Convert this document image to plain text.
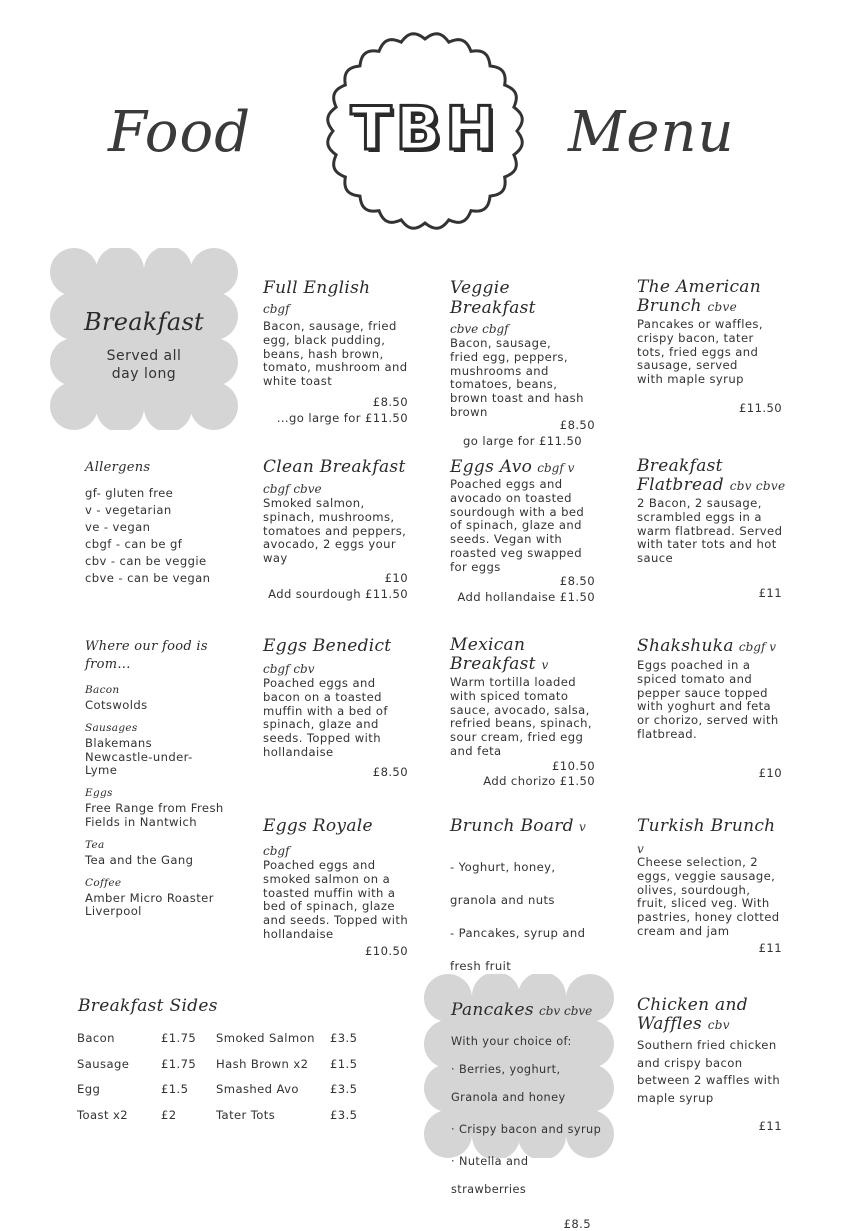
Food	TBH	Menu
Breakfast
Served all
day long
Full English
cbgf
Bacon, sausage, fried
egg, black pudding,
beans, hash brown,
tomato, mushroom and
white toast
£8.50
...go large for £11.50
Veggie Breakfast
cbve cbgf
Bacon, sausage,
fried egg, peppers,
mushrooms and
tomatoes, beans,
brown toast and hash
brown
£8.50
go large for £11.50
The American
Brunch cbve
Pancakes or waffles,
crispy bacon, tater
tots, fried eggs and
sausage, served
with maple syrup
£11.50
Allergens
gf- gluten free
v - vegetarian
ve - vegan
cbgf - can be gf
cbv - can be veggie
cbve - can be vegan
Clean Breakfast
cbgf cbve
Smoked salmon,
spinach, mushrooms,
tomatoes and peppers,
avocado, 2 eggs your
way
£10
Add sourdough £11.50
Eggs Avo cbgf v
Poached eggs and
avocado on toasted
sourdough with a bed
of spinach, glaze and
seeds. Vegan with
roasted veg swapped
for eggs
£8.50
Add hollandaise £1.50
Breakfast
Flatbread cbv cbve
2 Bacon, 2 sausage,
scrambled eggs in a
warm flatbread. Served
with tater tots and hot
sauce
£11
Where our food is
from...
Bacon
Cotswolds
Sausages
Blakemans
Newcastle-under-
Lyme
Eggs
Free Range from Fresh
Fields in Nantwich
Tea
Tea and the Gang
Coffee
Amber Micro Roaster
Liverpool
Eggs Benedict
cbgf cbv
Poached eggs and
bacon on a toasted
muffin with a bed of
spinach, glaze and
seeds. Topped with
hollandaise
£8.50
Mexican
Breakfast v
Warm tortilla loaded
with spiced tomato
sauce, avocado, salsa,
refried beans, spinach,
sour cream, fried egg
and feta
£10.50
Add chorizo £1.50
Shakshuka cbgf v
Eggs poached in a
spiced tomato and
pepper sauce topped
with yoghurt and feta
or chorizo, served with
flatbread.
£10
Eggs Royale
cbgf
Poached eggs and
smoked salmon on a
toasted muffin with a
bed of spinach, glaze
and seeds. Topped with
hollandaise
£10.50
Brunch Board v

- Yoghurt, honey,

granola and nuts

- Pancakes, syrup and

fresh fruit

Turkish Brunch
v
Cheese selection, 2
eggs, veggie sausage,
olives, sourdough,
fruit, sliced veg. With
pastries, honey clotted
cream and jam
£11
Breakfast Sides
Bacon	£1.75
Sausage	£1.75
Egg	£1.5
Toast x2	£2
Smoked Salmon £3.5
Hash Brown x2 £1.5
Smashed Avo	£3.5
Tater Tots	£3.5
Pancakes cbv cbve

With your choice of:

· Berries, yoghurt,

Granola and honey

· Crispy bacon and syrup

· Nutella and

strawberries

£8.5
Chicken and
Waffles cbv
Southern fried chicken
and crispy bacon
between 2 waffles with
maple syrup
£11
